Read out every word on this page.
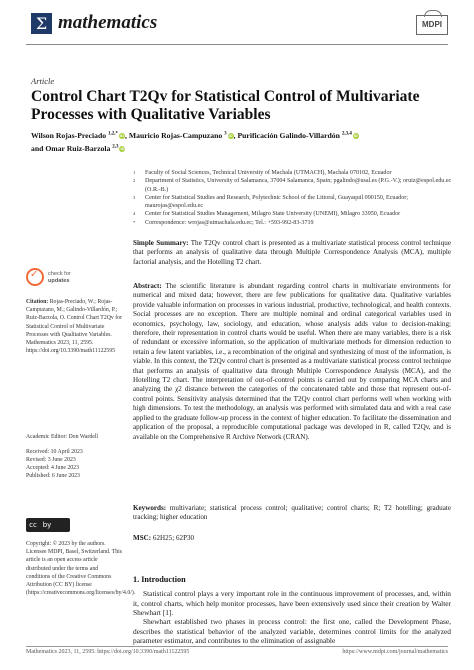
Σ mathematics	MDPI
Article
Control Chart T2Qv for Statistical Control of Multivariate Processes with Qualitative Variables
Wilson Rojas-Preciado $^{1,2,*}$ iD, Mauricio Rojas-Campuzano $^3$ iD, Purificación Galindo-Villardón $^{2,3,4}$ iD
and Omar Ruiz-Barzola $^{2,3}$ iD
1 Faculty of Social Sciences, Technical University of Machala (UTMACH), Machala 070102, Ecuador
2 Department of Statistics, University of Salamanca, 37004 Salamanca, Spain; pgalindo@usal.es (P.G.-V.); oruiz@espol.edu.ec (O.R.-B.)
3 Center for Statistical Studies and Research, Polytechnic School of the Littoral, Guayaquil 090150, Ecuador; maurojas@espol.edu.ec
4 Center for Statistical Studies Management, Milagro State University (UNEMI), Milagro 33950, Ecuador
* Correspondence: wrojas@utmachala.edu.ec; Tel.: +593-992-83-3719
Simple Summary: The T2Qv control chart is presented as a multivariate statistical process control technique that performs an analysis of qualitative data through Multiple Correspondence Analysis (MCA), multiple factorial analysis, and the Hotelling T2 chart.
Abstract: The scientific literature is abundant regarding control charts in multivariate environments for numerical and mixed data; however, there are few publications for qualitative data. Qualitative variables provide valuable information on processes in various industrial, productive, technological, and health contexts. Social processes are no exception. There are multiple nominal and ordinal categorical variables used in economics, psychology, law, sociology, and education, whose analysis adds value to decision-making; therefore, their representation in control charts would be useful. When there are many variables, there is a risk of redundant or excessive information, so the application of multivariate methods for dimension reduction to retain a few latent variables, i.e., a recombination of the original and synthesizing of most of the information, is viable. In this context, the T2Qv control chart is presented as a multivariate statistical process control technique that performs an analysis of qualitative data through Multiple Correspondence Analysis (MCA), and the Hotelling T2 chart. The interpretation of out-of-control points is carried out by comparing MCA charts and analyzing the χ2 distance between the categories of the concatenated table and those that represent out-of-control points. Sensitivity analysis determined that the T2Qv control chart performs well when working with high dimensions. To test the methodology, an analysis was performed with simulated data and with a real case applied to the graduate follow-up process in the context of higher education. To facilitate the dissemination and application of the proposal, a reproducible computational package was developed in R, called T2Qv, and is available on the Comprehensive R Archive Network (CRAN).
Keywords: multivariate; statistical process control; qualitative; control charts; R; T2 hotelling; graduate tracking; higher education
MSC: 62H25; 62P30
✓ check for
updates
Citation: Rojas-Preciado, W.; Rojas-Campuzano, M.; Galindo-Villardón, P.; Ruiz-Barzola, O. Control Chart T2Qv for Statistical Control of Multivariate Processes with Qualitative Variables. Mathematics 2023, 11, 2595. https://doi.org/10.3390/math11122595
Academic Editor: Don Wardell
Received: 10 April 2023
Revised: 3 June 2023
Accepted: 4 June 2023
Published: 6 June 2023
cc by
Copyright: © 2023 by the authors. Licensee MDPI, Basel, Switzerland. This article is an open access article distributed under the terms and conditions of the Creative Commons Attribution (CC BY) license (https://creativecommons.org/licenses/by/4.0/).
1. Introduction
Statistical control plays a very important role in the continuous improvement of processes, and, within it, control charts, which help monitor processes, have been extensively used since their creation by Walter Shewhart [1].
Shewhart established two phases in process control: the first one, called the Development Phase, describes the statistical behavior of the analyzed variable, determines control limits for the analyzed parameter estimator, and contributes to the elimination of assignable
Mathematics 2023, 11, 2595. https://doi.org/10.3390/math11122595	https://www.mdpi.com/journal/mathematics
